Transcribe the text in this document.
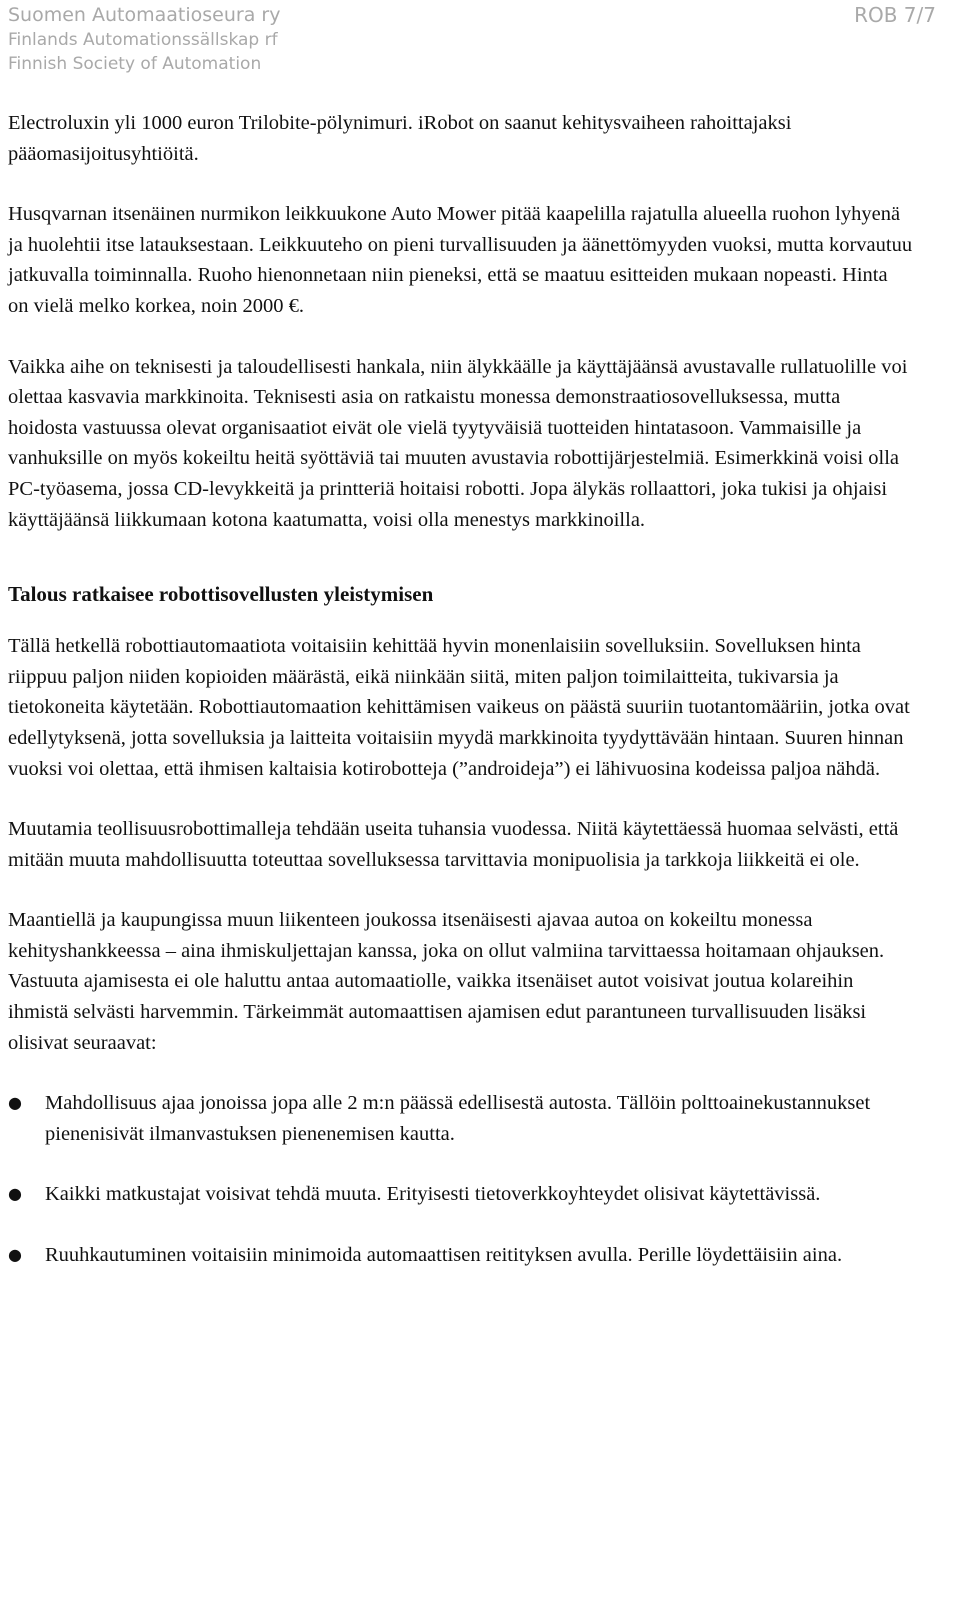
Suomen Automaatioseura ry
Finlands Automationssällskap rf
Finnish Society of Automation
ROB 7/7

Electroluxin yli 1000 euron Trilobite-pölynimuri. iRobot on saanut kehitysvaiheen rahoittajaksi pääomasijoitusyhtiöitä.

Husqvarnan itsenäinen nurmikon leikkuukone Auto Mower pitää kaapelilla rajatulla alueella ruohon lyhyenä ja huolehtii itse latauksestaan. Leikkuuteho on pieni turvallisuuden ja äänettömyyden vuoksi, mutta korvautuu jatkuvalla toiminnalla. Ruoho hienonnetaan niin pieneksi, että se maatuu esitteiden mukaan nopeasti. Hinta on vielä melko korkea, noin 2000 €.

Vaikka aihe on teknisesti ja taloudellisesti hankala, niin älykkäälle ja käyttäjäänsä avustavalle rullatuolille voi olettaa kasvavia markkinoita. Teknisesti asia on ratkaistu monessa demonstraatiosovelluksessa, mutta hoidosta vastuussa olevat organisaatiot eivät ole vielä tyytyväisiä tuotteiden hintatasoon. Vammaisille ja vanhuksille on myös kokeiltu heitä syöttäviä tai muuten avustavia robottijärjestelmiä. Esimerkkinä voisi olla PC-työasema, jossa CD-levykkeitä ja printteriä hoitaisi robotti. Jopa älykäs rollaattori, joka tukisi ja ohjaisi käyttäjäänsä liikkumaan kotona kaatumatta, voisi olla menestys markkinoilla.

Talous ratkaisee robottisovellusten yleistymisen

Tällä hetkellä robottiautomaatiota voitaisiin kehittää hyvin monenlaisiin sovelluksiin. Sovelluksen hinta riippuu paljon niiden kopioiden määrästä, eikä niinkään siitä, miten paljon toimilaitteita, tukivarsia ja tietokoneita käytetään. Robottiautomaation kehittämisen vaikeus on päästä suuriin tuotantomääriin, jotka ovat edellytyksenä, jotta sovelluksia ja laitteita voitaisiin myydä markkinoita tyydyttävään hintaan. Suuren hinnan vuoksi voi olettaa, että ihmisen kaltaisia kotirobotteja (”androideja”) ei lähivuosina kodeissa paljoa nähdä.

Muutamia teollisuusrobottimalleja tehdään useita tuhansia vuodessa. Niitä käytettäessä huomaa selvästi, että mitään muuta mahdollisuutta toteuttaa sovelluksessa tarvittavia monipuolisia ja tarkkoja liikkeitä ei ole.

Maantiellä ja kaupungissa muun liikenteen joukossa itsenäisesti ajavaa autoa on kokeiltu monessa kehityshankkeessa – aina ihmiskuljettajan kanssa, joka on ollut valmiina tarvittaessa hoitamaan ohjauksen. Vastuuta ajamisesta ei ole haluttu antaa automaatiolle, vaikka itsenäiset autot voisivat joutua kolareihin ihmistä selvästi harvemmin. Tärkeimmät automaattisen ajamisen edut parantuneen turvallisuuden lisäksi olisivat seuraavat:

● Mahdollisuus ajaa jonoissa jopa alle 2 m:n päässä edellisestä autosta. Tällöin polttoainekustannukset pienenisivät ilmanvastuksen pienenemisen kautta.
● Kaikki matkustajat voisivat tehdä muuta. Erityisesti tietoverkkoyhteydet olisivat käytettävissä.
● Ruuhkautuminen voitaisiin minimoida automaattisen reitityksen avulla. Perille löydettäisiin aina.
